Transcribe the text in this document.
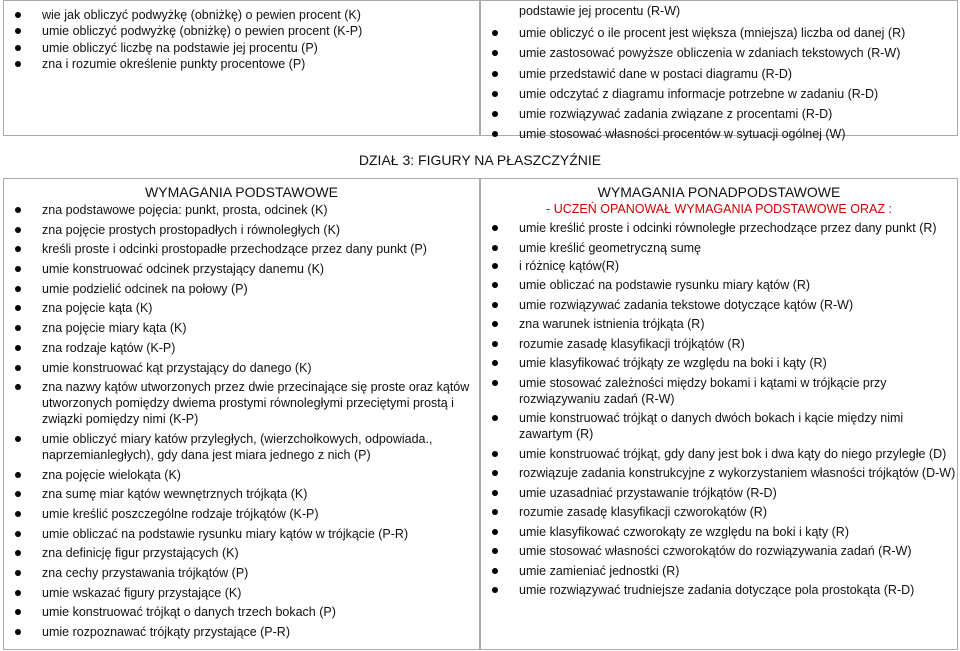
wie jak obliczyć podwyżkę (obniżkę) o pewien procent (K)
umie obliczyć podwyżkę (obniżkę) o pewien procent (K-P)
umie obliczyć liczbę na podstawie jej procentu (P)
zna i rozumie określenie punkty procentowe (P)
podstawie jej procentu (R-W)
umie obliczyć o ile procent jest większa (mniejsza) liczba od danej (R)
umie zastosować powyższe obliczenia w zdaniach tekstowych (R-W)
umie przedstawić dane w postaci diagramu (R-D)
umie odczytać z diagramu informacje potrzebne w zadaniu (R-D)
umie rozwiązywać zadania związane z procentami (R-D)
umie stosować własności procentów w sytuacji ogólnej (W)
DZIAŁ 3: FIGURY NA PŁASZCZYŹNIE
WYMAGANIA PODSTAWOWE
zna podstawowe pojęcia: punkt, prosta, odcinek (K)
zna pojęcie prostych prostopadłych i równoległych (K)
kreśli proste i odcinki prostopadłe przechodzące przez dany punkt (P)
umie konstruować odcinek przystający danemu (K)
umie podzielić odcinek na połowy (P)
zna pojęcie kąta (K)
zna pojęcie miary kąta (K)
zna rodzaje kątów (K-P)
umie konstruować kąt przystający do danego (K)
zna nazwy kątów utworzonych przez dwie przecinające się proste oraz kątów utworzonych pomiędzy dwiema prostymi równoległymi przeciętymi prostą i związki pomiędzy nimi (K-P)
umie obliczyć miary katów przyległych, (wierzchołkowych, odpowiada., naprzemianległych), gdy dana jest miara jednego z nich (P)
zna pojęcie wielokąta (K)
zna sumę miar kątów wewnętrznych trójkąta (K)
umie kreślić poszczególne rodzaje trójkątów (K-P)
umie obliczać na podstawie rysunku miary kątów w trójkącie (P-R)
zna definicję figur przystających (K)
zna cechy przystawania trójkątów (P)
umie wskazać figury przystające (K)
umie konstruować trójkąt o danych trzech bokach (P)
umie rozpoznawać trójkąty przystające (P-R)
WYMAGANIA PONADPODSTAWOWE
- UCZEŃ OPANOWAŁ WYMAGANIA PODSTAWOWE ORAZ :
umie kreślić proste i odcinki równoległe przechodzące przez dany punkt (R)
umie kreślić geometryczną sumę
i różnicę kątów(R)
umie obliczać na podstawie rysunku miary kątów (R)
umie rozwiązywać zadania tekstowe dotyczące kątów (R-W)
zna warunek istnienia trójkąta (R)
rozumie zasadę klasyfikacji trójkątów (R)
umie klasyfikować trójkąty ze względu na boki i kąty (R)
umie stosować zależności między bokami i kątami w trójkącie przy rozwiązywaniu zadań (R-W)
umie konstruować trójkąt o danych dwóch bokach i kącie między nimi zawartym (R)
umie konstruować trójkąt, gdy dany jest bok i dwa kąty do niego przyległe (D)
rozwiązuje zadania konstrukcyjne z wykorzystaniem własności trójkątów (D-W)
umie uzasadniać przystawanie trójkątów (R-D)
rozumie zasadę klasyfikacji czworokątów (R)
umie klasyfikować czworokąty ze względu na boki i kąty (R)
umie stosować własności czworokątów do rozwiązywania zadań (R-W)
umie zamieniać jednostki (R)
umie rozwiązywać trudniejsze zadania dotyczące pola prostokąta (R-D)
